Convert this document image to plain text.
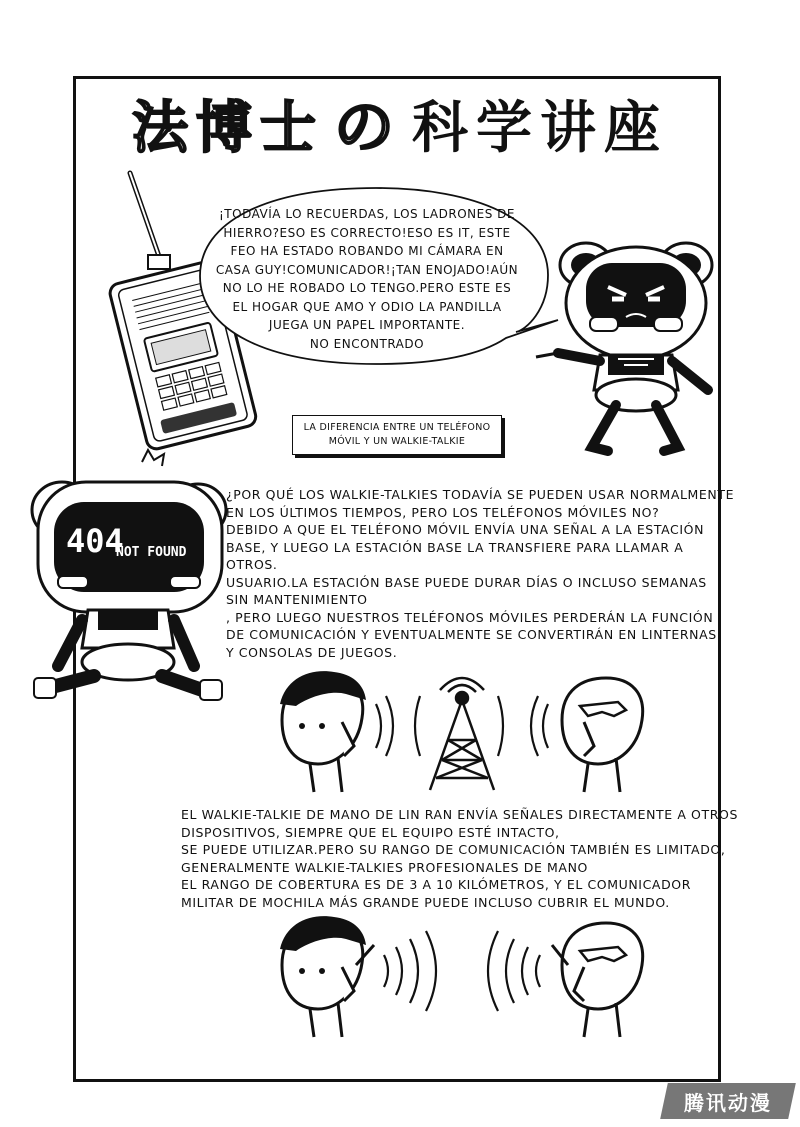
法博士 の 科学讲座
¡TODAVÍA LO RECUERDAS, LOS LADRONES DE
HIERRO?ESO ES CORRECTO!ESO ES IT, ESTE
FEO HA ESTADO ROBANDO MI CÁMARA EN
CASA GUY!COMUNICADOR!¡TAN ENOJADO!AÚN
NO LO HE ROBADO LO TENGO.PERO ESTE ES
EL HOGAR QUE AMO Y ODIO LA PANDILLA
JUEGA UN PAPEL IMPORTANTE.
NO ENCONTRADO
LA DIFERENCIA ENTRE UN TELÉFONO
MÓVIL Y UN WALKIE-TALKIE
404
NOT FOUND
¿POR QUÉ LOS WALKIE-TALKIES TODAVÍA SE PUEDEN USAR NORMALMENTE
EN LOS ÚLTIMOS TIEMPOS, PERO LOS TELÉFONOS MÓVILES NO?
DEBIDO A QUE EL TELÉFONO MÓVIL ENVÍA UNA SEÑAL A LA ESTACIÓN
BASE, Y LUEGO LA ESTACIÓN BASE LA TRANSFIERE PARA LLAMAR A
OTROS.
USUARIO.LA ESTACIÓN BASE PUEDE DURAR DÍAS O INCLUSO SEMANAS
SIN MANTENIMIENTO
, PERO LUEGO NUESTROS TELÉFONOS MÓVILES PERDERÁN LA FUNCIÓN
DE COMUNICACIÓN Y EVENTUALMENTE SE CONVERTIRÁN EN LINTERNAS.
Y CONSOLAS DE JUEGOS.
EL WALKIE-TALKIE DE MANO DE LIN RAN ENVÍA SEÑALES DIRECTAMENTE A OTROS
DISPOSITIVOS, SIEMPRE QUE EL EQUIPO ESTÉ INTACTO,
SE PUEDE UTILIZAR.PERO SU RANGO DE COMUNICACIÓN TAMBIÉN ES LIMITADO,
GENERALMENTE WALKIE-TALKIES PROFESIONALES DE MANO
EL RANGO DE COBERTURA ES DE 3 A 10 KILÓMETROS, Y EL COMUNICADOR
MILITAR DE MOCHILA MÁS GRANDE PUEDE INCLUSO CUBRIR EL MUNDO.
腾讯动漫
